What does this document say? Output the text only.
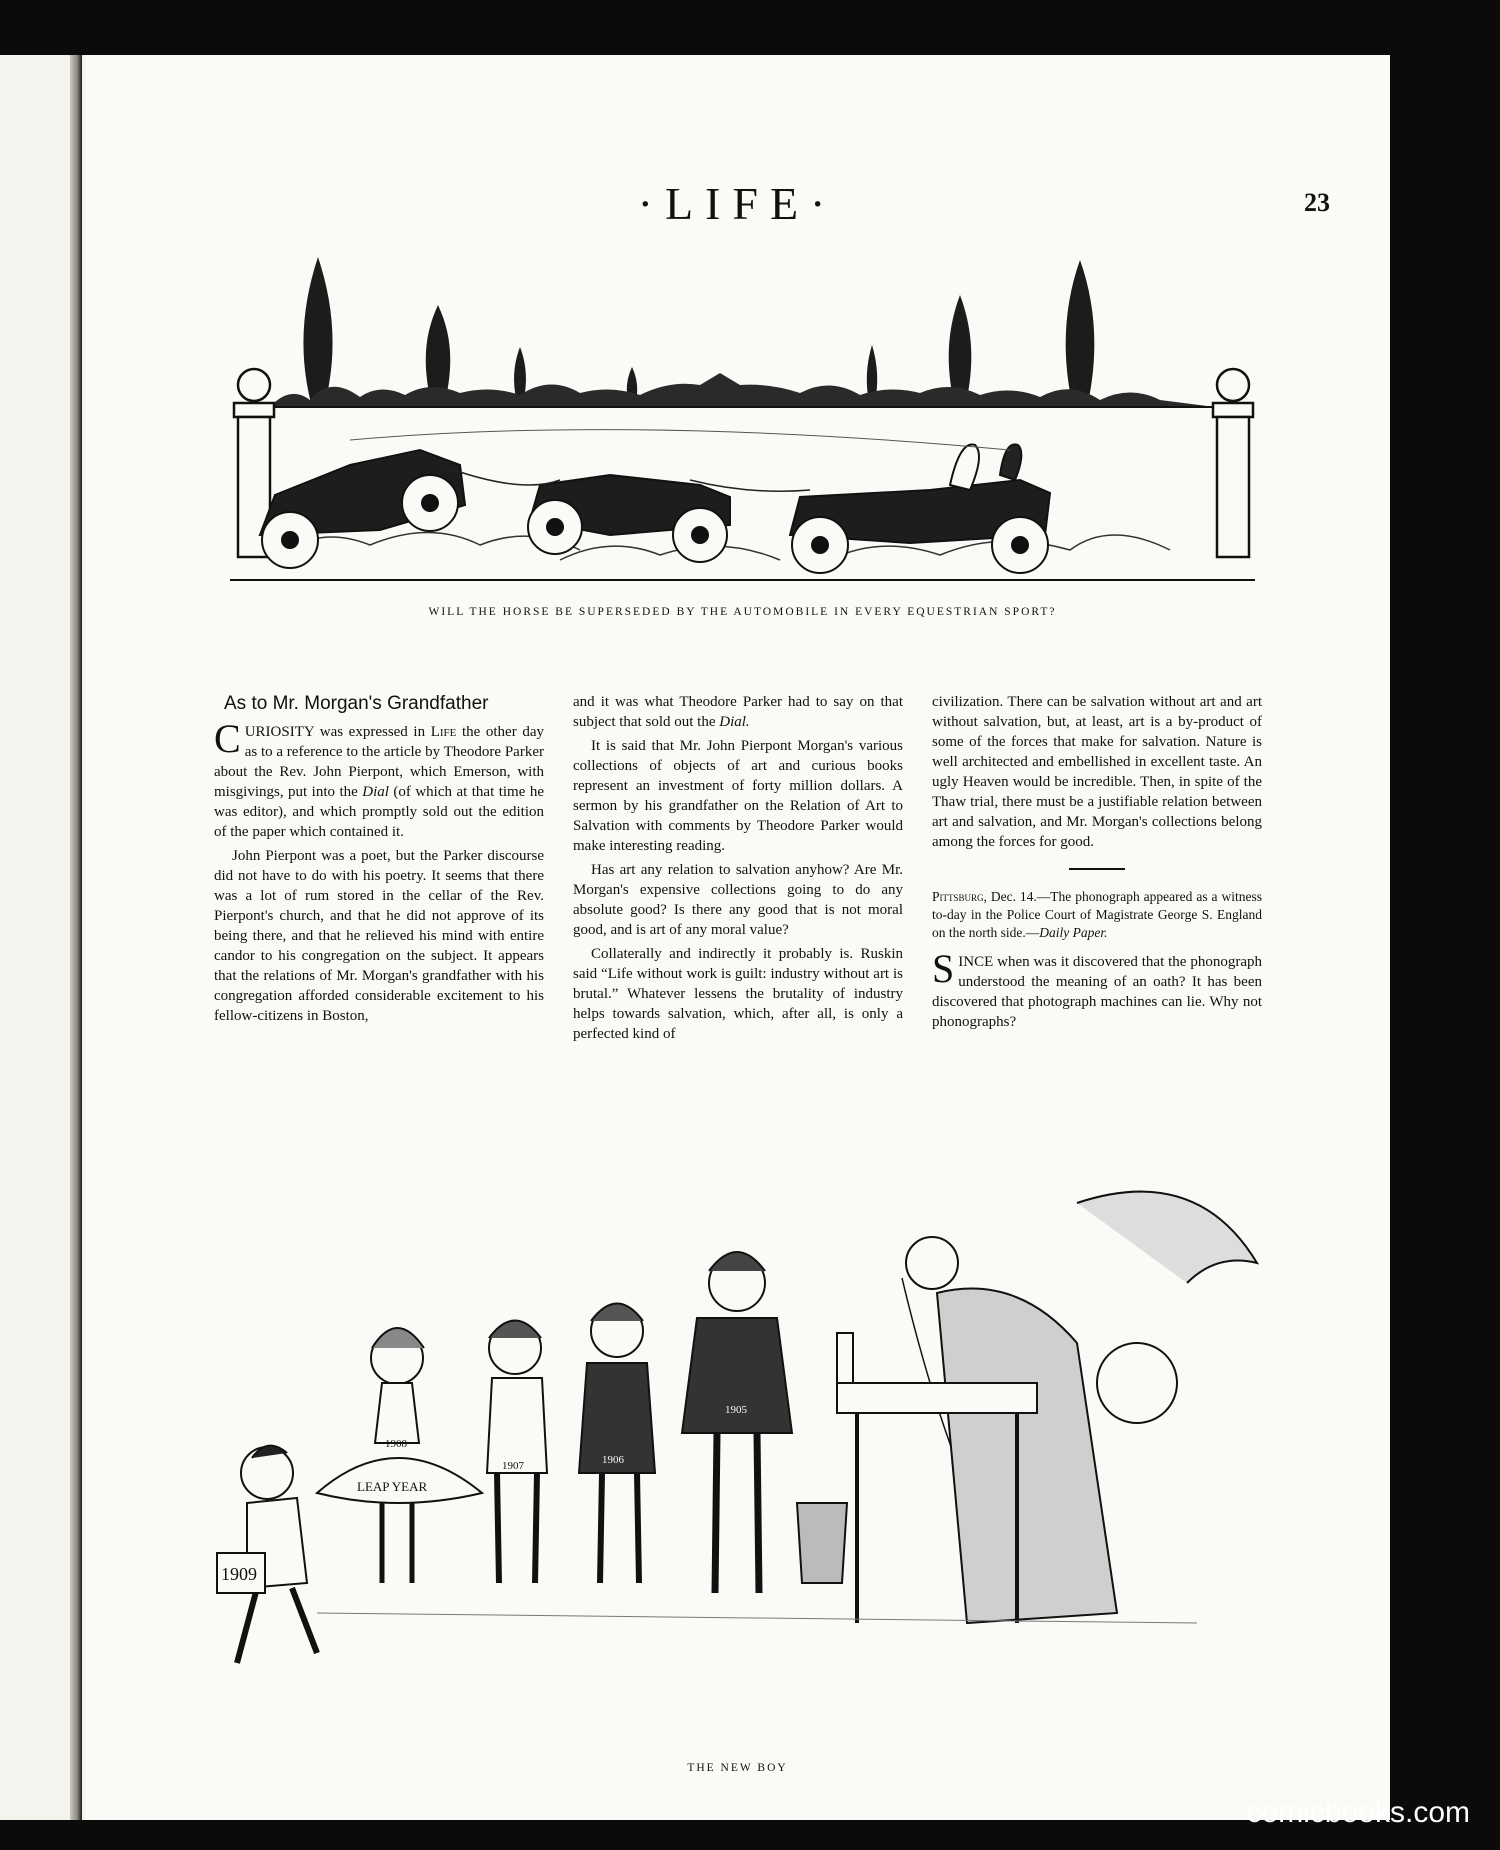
·LIFE·	23
WILL THE HORSE BE SUPERSEDED BY THE AUTOMOBILE IN EVERY EQUESTRIAN SPORT?
As to Mr. Morgan's Grandfather

CURIOSITY was expressed in Life the other day as to a reference to the article by Theodore Parker about the Rev. John Pierpont, which Emerson, with misgivings, put into the Dial (of which at that time he was editor), and which promptly sold out the edition of the paper which contained it.

John Pierpont was a poet, but the Parker discourse did not have to do with his poetry. It seems that there was a lot of rum stored in the cellar of the Rev. Pierpont's church, and that he did not approve of its being there, and that he relieved his mind with entire candor to his congregation on the subject. It appears that the relations of Mr. Morgan's grandfather with his congregation afforded considerable excitement to his fellow-citizens in Boston,

and it was what Theodore Parker had to say on that subject that sold out the Dial.

It is said that Mr. John Pierpont Morgan's various collections of objects of art and curious books represent an investment of forty million dollars. A sermon by his grandfather on the Relation of Art to Salvation with comments by Theodore Parker would make interesting reading.

Has art any relation to salvation anyhow? Are Mr. Morgan's expensive collections going to do any absolute good? Is there any good that is not moral good, and is art of any moral value?

Collaterally and indirectly it probably is. Ruskin said “Life without work is guilt: industry without art is brutal.” Whatever lessens the brutality of industry helps towards salvation, which, after all, is only a perfected kind of

civilization. There can be salvation without art and art without salvation, but, at least, art is a by-product of some of the forces that make for salvation. Nature is well architected and embellished in excellent taste. An ugly Heaven would be incredible. Then, in spite of the Thaw trial, there must be a justifiable relation between art and salvation, and Mr. Morgan's collections belong among the forces for good.

Pittsburg, Dec. 14.—The phonograph appeared as a witness to-day in the Police Court of Magistrate George S. England on the north side.—Daily Paper.

SINCE when was it discovered that the phonograph understood the meaning of an oath? It has been discovered that photograph machines can lie. Why not phonographs?

1909
LEAP YEAR
1908
1907	1906
1905
THE NEW BOY
comicbooks.com
